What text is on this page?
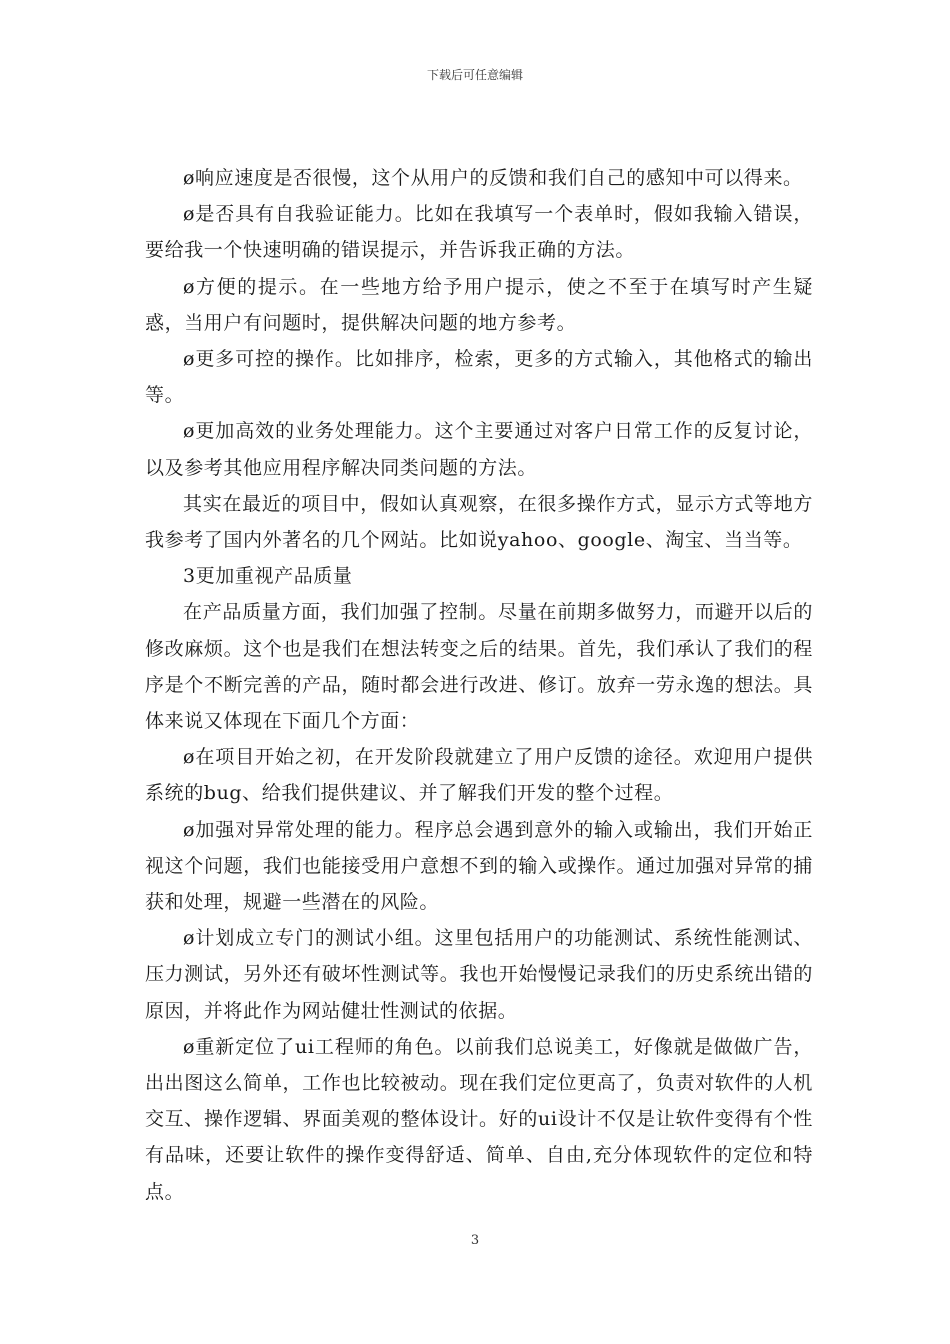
下载后可任意编辑

ø响应速度是否很慢，这个从用户的反馈和我们自己的感知中可以得来。

ø是否具有自我验证能力。比如在我填写一个表单时，假如我输入错误，要给我一个快速明确的错误提示，并告诉我正确的方法。

ø方便的提示。在一些地方给予用户提示，使之不至于在填写时产生疑惑，当用户有问题时，提供解决问题的地方参考。

ø更多可控的操作。比如排序，检索，更多的方式输入，其他格式的输出等。

ø更加高效的业务处理能力。这个主要通过对客户日常工作的反复讨论，以及参考其他应用程序解决同类问题的方法。

其实在最近的项目中，假如认真观察，在很多操作方式，显示方式等地方我参考了国内外著名的几个网站。比如说yahoo、google、淘宝、当当等。

3更加重视产品质量

在产品质量方面，我们加强了控制。尽量在前期多做努力，而避开以后的修改麻烦。这个也是我们在想法转变之后的结果。首先，我们承认了我们的程序是个不断完善的产品，随时都会进行改进、修订。放弃一劳永逸的想法。具体来说又体现在下面几个方面：

ø在项目开始之初，在开发阶段就建立了用户反馈的途径。欢迎用户提供系统的bug、给我们提供建议、并了解我们开发的整个过程。

ø加强对异常处理的能力。程序总会遇到意外的输入或输出，我们开始正视这个问题，我们也能接受用户意想不到的输入或操作。通过加强对异常的捕获和处理，规避一些潜在的风险。

ø计划成立专门的测试小组。这里包括用户的功能测试、系统性能测试、压力测试，另外还有破坏性测试等。我也开始慢慢记录我们的历史系统出错的原因，并将此作为网站健壮性测试的依据。

ø重新定位了ui工程师的角色。以前我们总说美工，好像就是做做广告，出出图这么简单，工作也比较被动。现在我们定位更高了，负责对软件的人机交互、操作逻辑、界面美观的整体设计。好的ui设计不仅是让软件变得有个性有品味，还要让软件的操作变得舒适、简单、自由,充分体现软件的定位和特点。

3
